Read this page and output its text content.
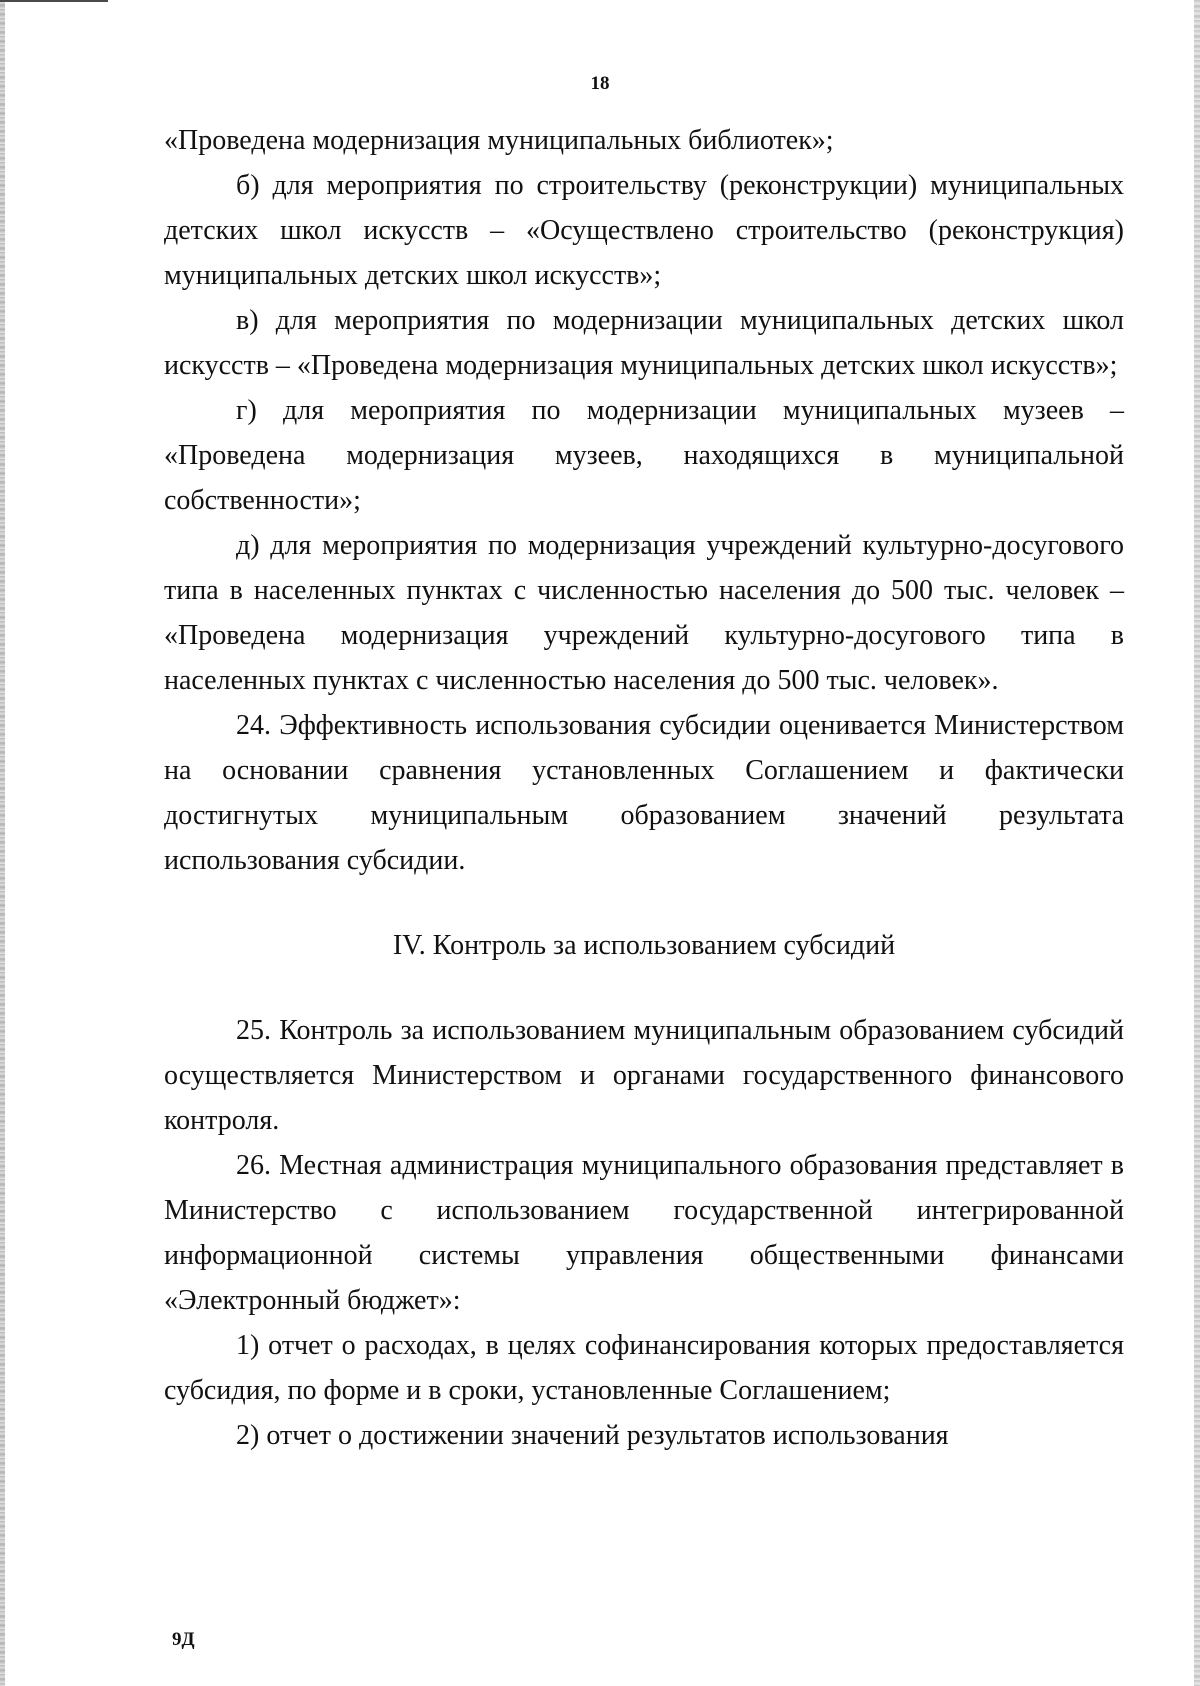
18

«Проведена модернизация муниципальных библиотек»;

б) для мероприятия по строительству (реконструкции) муниципальных детских школ искусств – «Осуществлено строительство (реконструкция) муниципальных детских школ искусств»;

в) для мероприятия по модернизации муниципальных детских школ искусств – «Проведена модернизация муниципальных детских школ искусств»;

г) для мероприятия по модернизации муниципальных музеев – «Проведена модернизация музеев, находящихся в муниципальной собственности»;

д) для мероприятия по модернизация учреждений культурно-досугового типа в населенных пунктах с численностью населения до 500 тыс. человек – «Проведена модернизация учреждений культурно-досугового типа в населенных пунктах с численностью населения до 500 тыс. человек».

24. Эффективность использования субсидии оценивается Министерством на основании сравнения установленных Соглашением и фактически достигнутых муниципальным образованием значений результата использования субсидии.

IV. Контроль за использованием субсидий

25. Контроль за использованием муниципальным образованием субсидий осуществляется Министерством и органами государственного финансового контроля.

26. Местная администрация муниципального образования представляет в Министерство с использованием государственной интегрированной информационной системы управления общественными финансами «Электронный бюджет»:

1) отчет о расходах, в целях софинансирования которых предоставляется субсидия, по форме и в сроки, установленные Соглашением;

2) отчет о достижении значений результатов использования

9Д
